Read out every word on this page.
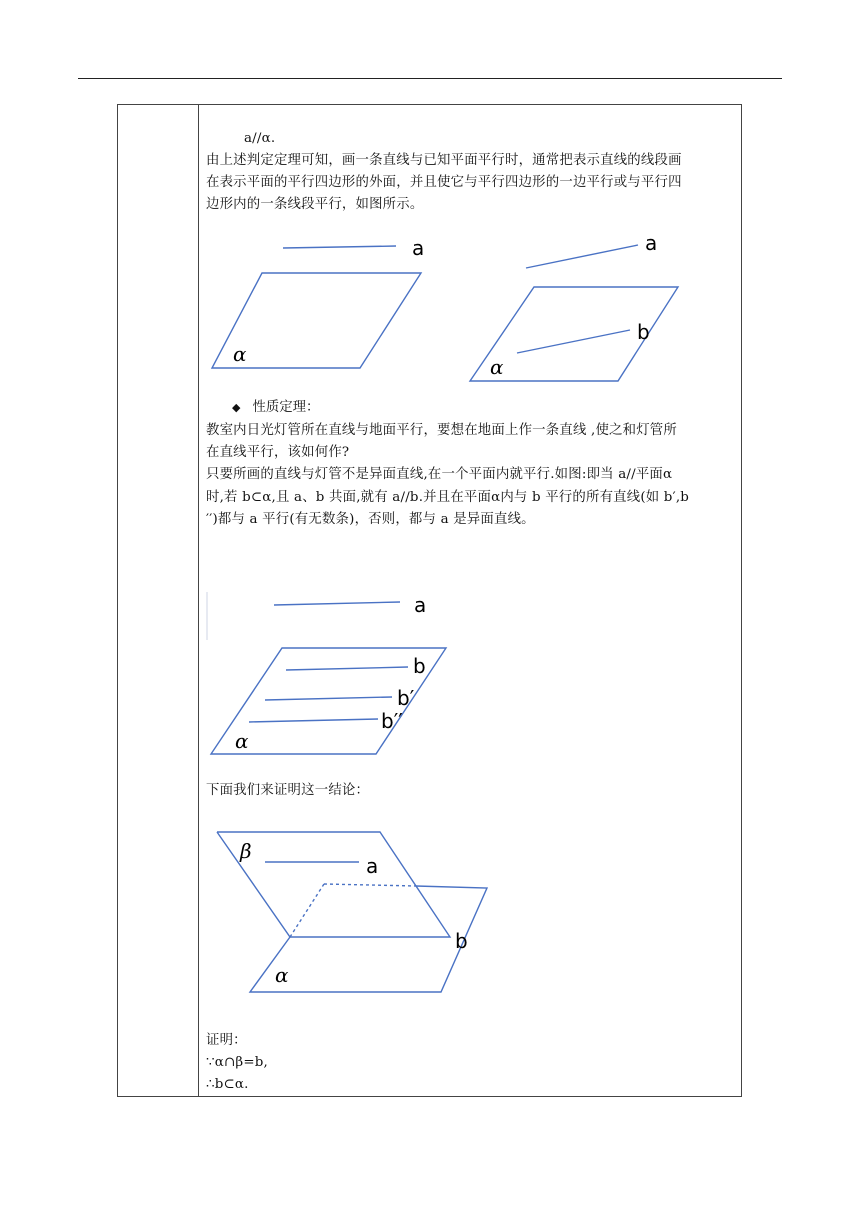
a//α.
由上述判定定理可知，画一条直线与已知平面平行时，通常把表示直线的线段画
在表示平面的平行四边形的外面，并且使它与平行四边形的一边平行或与平行四
边形内的一条线段平行，如图所示。
◆ 性质定理：
教室内日光灯管所在直线与地面平行，要想在地面上作一条直线 ,使之和灯管所
在直线平行，该如何作?
只要所画的直线与灯管不是异面直线,在一个平面内就平行.如图:即当 a//平面α
时,若 b⊂α,且 a、b 共面,就有 a//b.并且在平面α内与 b 平行的所有直线(如 b′,b
′′)都与 a 平行(有无数条)，否则，都与 a 是异面直线。
下面我们来证明这一结论：
证明：
∵α∩β=b,
∴b⊂α.
a
α
a
b
α
a
b
b′
b′′
α
β
a
b
α
